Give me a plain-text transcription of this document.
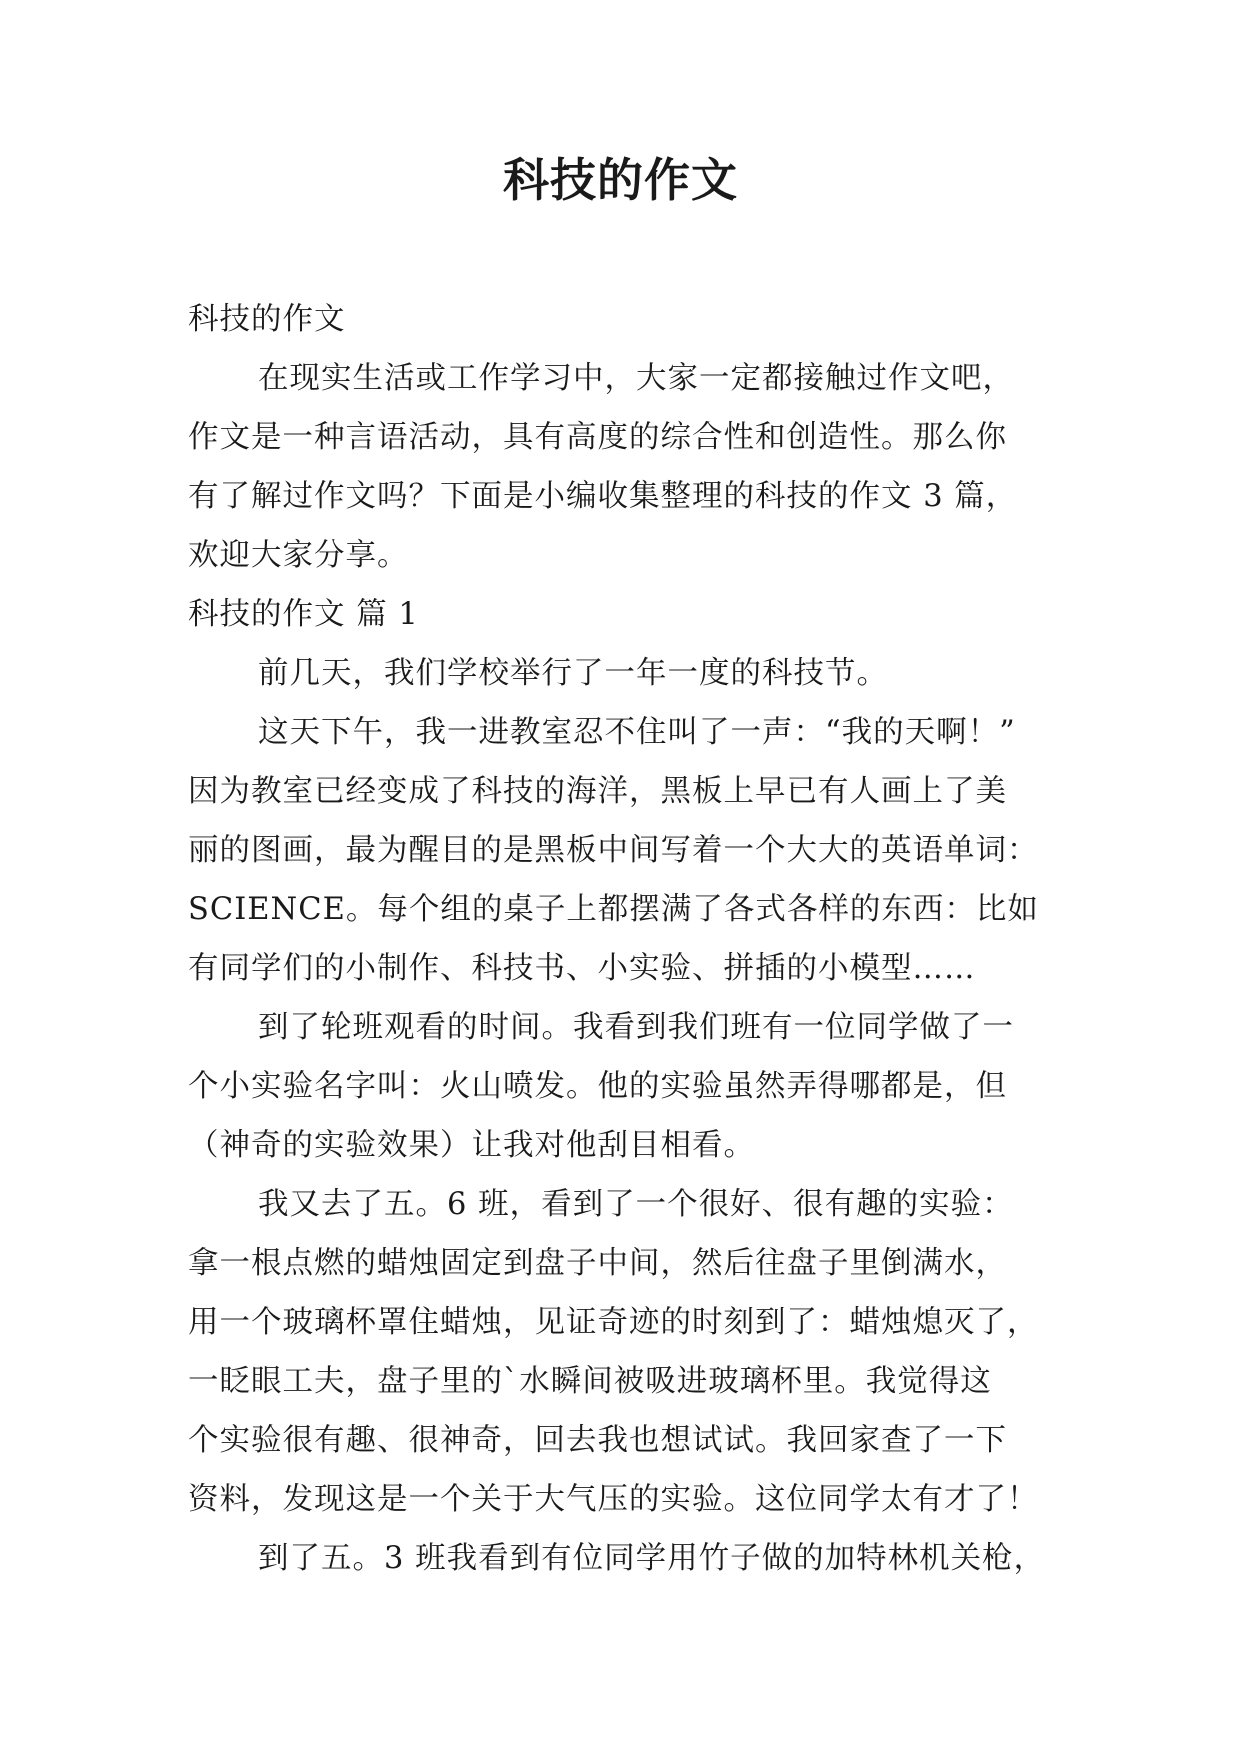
科技的作文
科技的作文
在现实生活或工作学习中，大家一定都接触过作文吧，
作文是一种言语活动，具有高度的综合性和创造性。那么你
有了解过作文吗？下面是小编收集整理的科技的作文 3 篇，
欢迎大家分享。
科技的作文 篇 1
前几天，我们学校举行了一年一度的科技节。
这天下午，我一进教室忍不住叫了一声：“我的天啊！”
因为教室已经变成了科技的海洋，黑板上早已有人画上了美
丽的图画，最为醒目的是黑板中间写着一个大大的英语单词：
SCIENCE。每个组的桌子上都摆满了各式各样的东西：比如
有同学们的小制作、科技书、小实验、拼插的小模型……
到了轮班观看的时间。我看到我们班有一位同学做了一
个小实验名字叫：火山喷发。他的实验虽然弄得哪都是，但
（神奇的实验效果）让我对他刮目相看。
我又去了五。6 班，看到了一个很好、很有趣的实验：
拿一根点燃的蜡烛固定到盘子中间，然后往盘子里倒满水，
用一个玻璃杯罩住蜡烛，见证奇迹的时刻到了：蜡烛熄灭了，
一眨眼工夫，盘子里的`水瞬间被吸进玻璃杯里。我觉得这
个实验很有趣、很神奇，回去我也想试试。我回家查了一下
资料，发现这是一个关于大气压的实验。这位同学太有才了！
到了五。3 班我看到有位同学用竹子做的加特林机关枪，
